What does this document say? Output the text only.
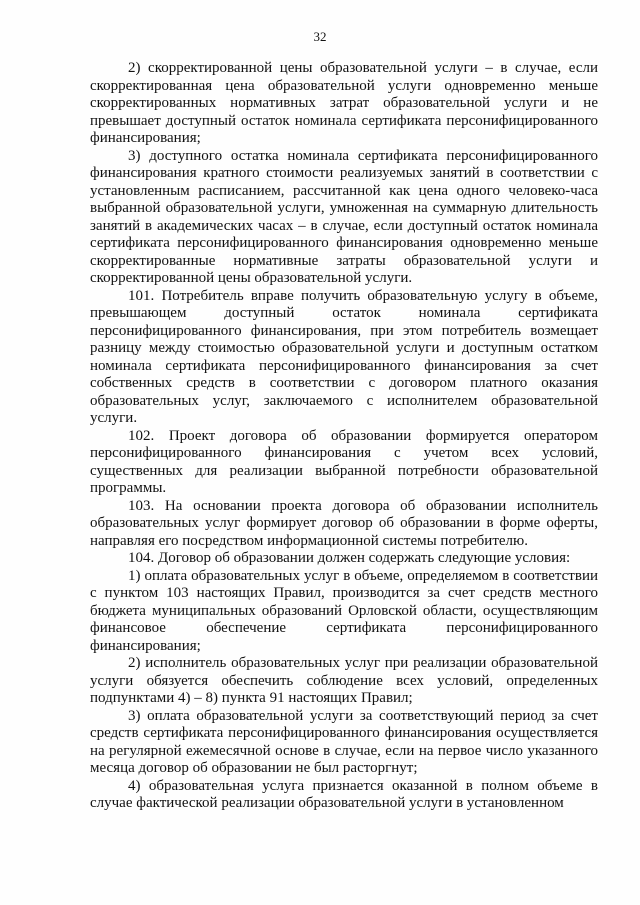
32

2) скорректированной цены образовательной услуги – в случае, если скорректированная цена образовательной услуги одновременно меньше скорректированных нормативных затрат образовательной услуги и не превышает доступный остаток номинала сертификата персонифицированного финансирования;

3) доступного остатка номинала сертификата персонифицированного финансирования кратного стоимости реализуемых занятий в соответствии с установленным расписанием, рассчитанной как цена одного человеко-часа выбранной образовательной услуги, умноженная на суммарную длительность занятий в академических часах – в случае, если доступный остаток номинала сертификата персонифицированного финансирования одновременно меньше скорректированные нормативные затраты образовательной услуги и скорректированной цены образовательной услуги.

101. Потребитель вправе получить образовательную услугу в объеме, превышающем доступный остаток номинала сертификата персонифицированного финансирования, при этом потребитель возмещает разницу между стоимостью образовательной услуги и доступным остатком номинала сертификата персонифицированного финансирования за счет собственных средств в соответствии с договором платного оказания образовательных услуг, заключаемого с исполнителем образовательной услуги.

102. Проект договора об образовании формируется оператором персонифицированного финансирования с учетом всех условий, существенных для реализации выбранной потребности образовательной программы.

103. На основании проекта договора об образовании исполнитель образовательных услуг формирует договор об образовании в форме оферты, направляя его посредством информационной системы потребителю.

104. Договор об образовании должен содержать следующие условия:

1) оплата образовательных услуг в объеме, определяемом в соответствии с пунктом 103 настоящих Правил, производится за счет средств местного бюджета муниципальных образований Орловской области, осуществляющим финансовое обеспечение сертификата персонифицированного финансирования;

2) исполнитель образовательных услуг при реализации образовательной услуги обязуется обеспечить соблюдение всех условий, определенных подпунктами 4) – 8) пункта 91 настоящих Правил;

3) оплата образовательной услуги за соответствующий период за счет средств сертификата персонифицированного финансирования осуществляется на регулярной ежемесячной основе в случае, если на первое число указанного месяца договор об образовании не был расторгнут;

4) образовательная услуга признается оказанной в полном объеме в случае фактической реализации образовательной услуги в установленном
